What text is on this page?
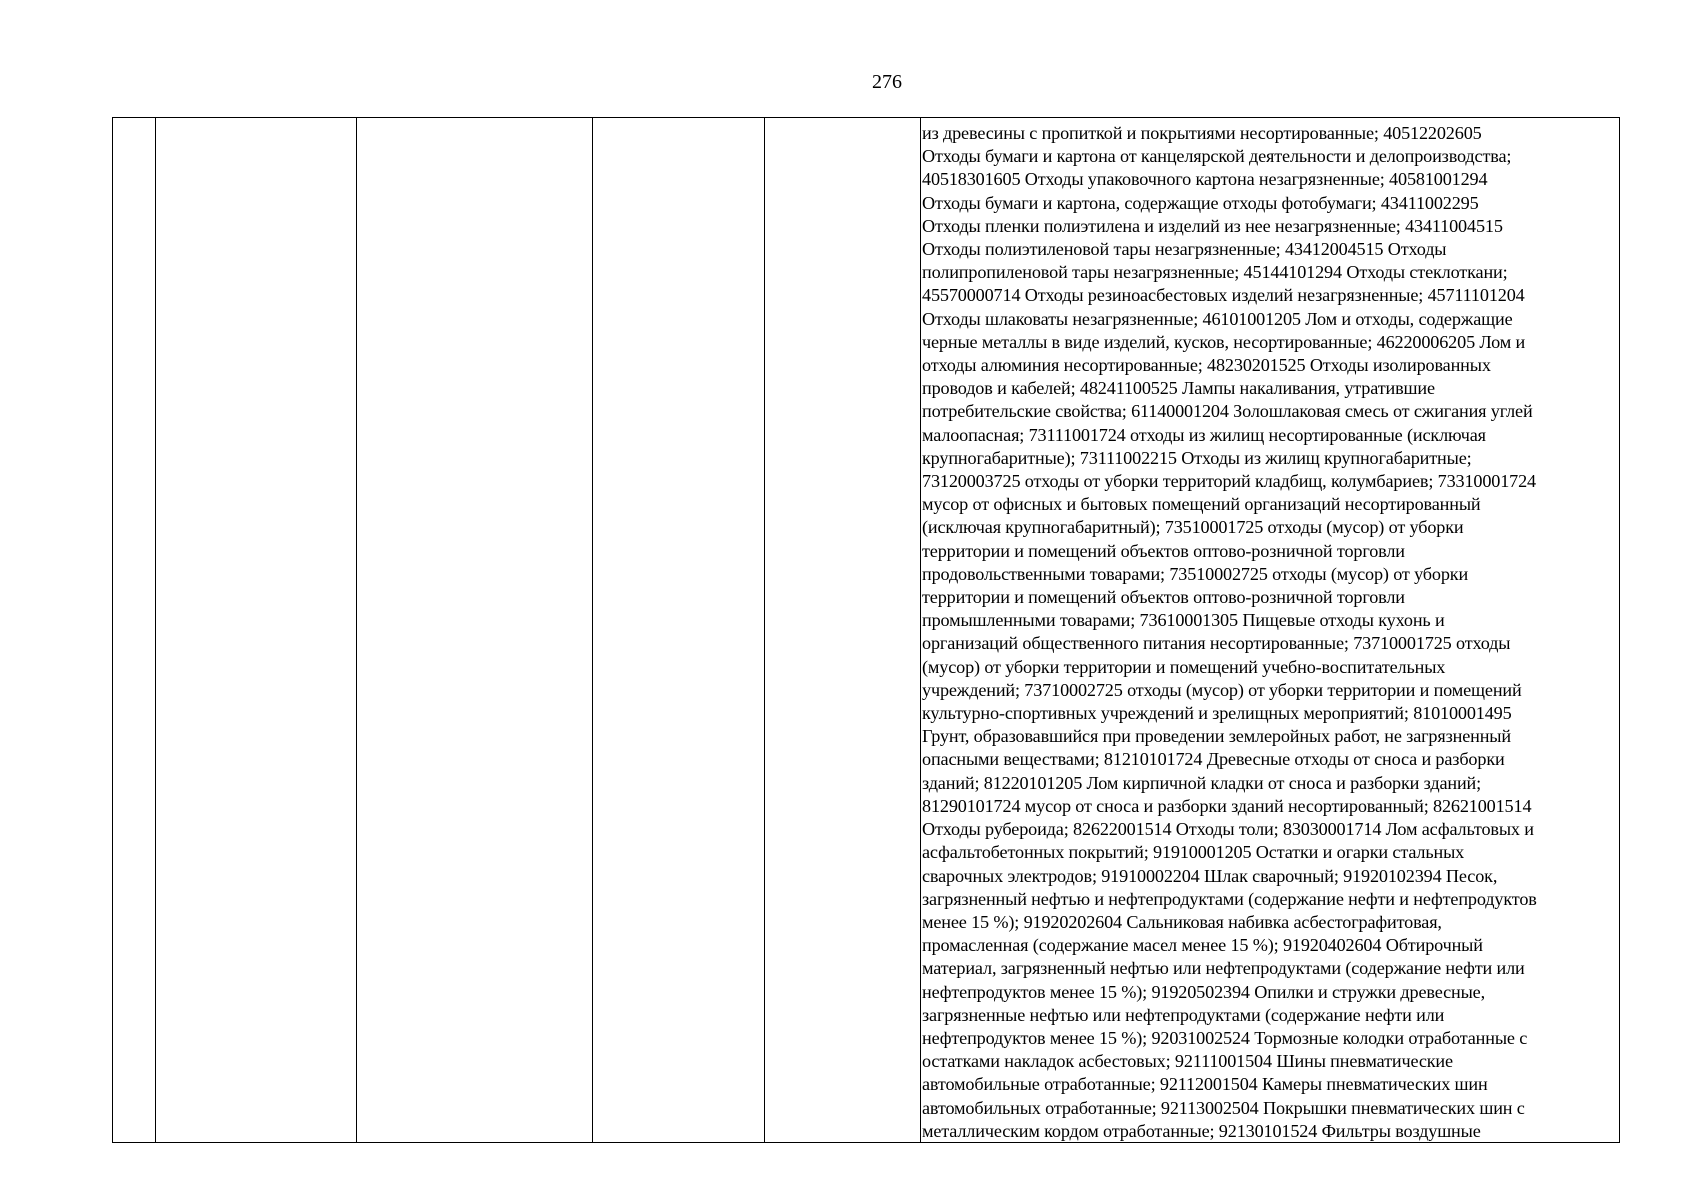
276
из древесины с пропиткой и покрытиями несортированные; 40512202605
Отходы бумаги и картона от канцелярской деятельности и делопроизводства;
40518301605 Отходы упаковочного картона незагрязненные; 40581001294
Отходы бумаги и картона, содержащие отходы фотобумаги; 43411002295
Отходы пленки полиэтилена и изделий из нее незагрязненные; 43411004515
Отходы полиэтиленовой тары незагрязненные; 43412004515 Отходы
полипропиленовой тары незагрязненные; 45144101294 Отходы стеклоткани;
45570000714 Отходы резиноасбестовых изделий незагрязненные; 45711101204
Отходы шлаковаты незагрязненные; 46101001205 Лом и отходы, содержащие
черные металлы в виде изделий, кусков, несортированные; 46220006205 Лом и
отходы алюминия несортированные; 48230201525 Отходы изолированных
проводов и кабелей; 48241100525 Лампы накаливания, утратившие
потребительские свойства; 61140001204 Золошлаковая смесь от сжигания углей
малоопасная; 73111001724 отходы из жилищ несортированные (исключая
крупногабаритные); 73111002215 Отходы из жилищ крупногабаритные;
73120003725 отходы от уборки территорий кладбищ, колумбариев; 73310001724
мусор от офисных и бытовых помещений организаций несортированный
(исключая крупногабаритный); 73510001725 отходы (мусор) от уборки
территории и помещений объектов оптово-розничной торговли
продовольственными товарами; 73510002725 отходы (мусор) от уборки
территории и помещений объектов оптово-розничной торговли
промышленными товарами; 73610001305 Пищевые отходы кухонь и
организаций общественного питания несортированные; 73710001725 отходы
(мусор) от уборки территории и помещений учебно-воспитательных
учреждений; 73710002725 отходы (мусор) от уборки территории и помещений
культурно-спортивных учреждений и зрелищных мероприятий; 81010001495
Грунт, образовавшийся при проведении землеройных работ, не загрязненный
опасными веществами; 81210101724 Древесные отходы от сноса и разборки
зданий; 81220101205 Лом кирпичной кладки от сноса и разборки зданий;
81290101724 мусор от сноса и разборки зданий несортированный; 82621001514
Отходы рубероида; 82622001514 Отходы толи; 83030001714 Лом асфальтовых и
асфальтобетонных покрытий; 91910001205 Остатки и огарки стальных
сварочных электродов; 91910002204 Шлак сварочный; 91920102394 Песок,
загрязненный нефтью и нефтепродуктами (содержание нефти и нефтепродуктов
менее 15 %); 91920202604 Сальниковая набивка асбестографитовая,
промасленная (содержание масел менее 15 %); 91920402604 Обтирочный
материал, загрязненный нефтью или нефтепродуктами (содержание нефти или
нефтепродуктов менее 15 %); 91920502394 Опилки и стружки древесные,
загрязненные нефтью или нефтепродуктами (содержание нефти или
нефтепродуктов менее 15 %); 92031002524 Тормозные колодки отработанные с
остатками накладок асбестовых; 92111001504 Шины пневматические
автомобильные отработанные; 92112001504 Камеры пневматических шин
автомобильных отработанные; 92113002504 Покрышки пневматических шин с
металлическим кордом отработанные; 92130101524 Фильтры воздушные
